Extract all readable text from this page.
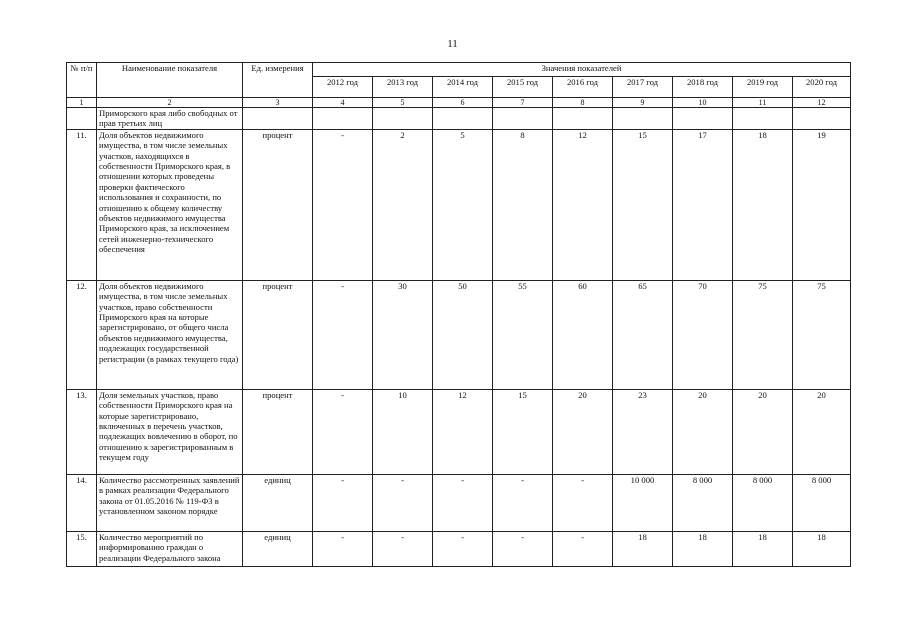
11
№ п/п	Наименование показателя	Ед. измерения	Значения показателей								
			2012 год	2013 год	2014 год	2015 год	2016 год	2017 год	2018 год	2019 год	2020 год
1	2	3	4	5	6	7	8	9	10	11	12
	Приморского края либо свободных от прав третьих лиц										
11.	Доля объектов недвижимого имущества, в том числе земельных участков, находящихся в собственности Приморского края, в отношении которых проведены проверки фактического использования и сохранности, по отношению к общему количеству объектов недвижимого имущества Приморского края, за исключением сетей инженерно-технического обеспечения	процент	-	2	5	8	12	15	17	18	19
12.	Доля объектов недвижимого имущества, в том числе земельных участков, право собственности Приморского края на которые зарегистрировано, от общего числа объектов недвижимого имущества, подлежащих государственной регистрации (в рамках текущего года)	процент	-	30	50	55	60	65	70	75	75
13.	Доля земельных участков, право собственности Приморского края на которые зарегистрировано, включенных в перечень участков, подлежащих вовлечению в оборот, по отношению к зарегистрированным в текущем году	процент	-	10	12	15	20	23	20	20	20
14.	Количество рассмотренных заявлений в рамках реализации Федерального закона от 01.05.2016 № 119-ФЗ в установленном законом порядке	единиц	-	-	-	-	-	10 000	8 000	8 000	8 000
15.	Количество мероприятий по информированию граждан о реализации Федерального закона	единиц	-	-	-	-	-	18	18	18	18
